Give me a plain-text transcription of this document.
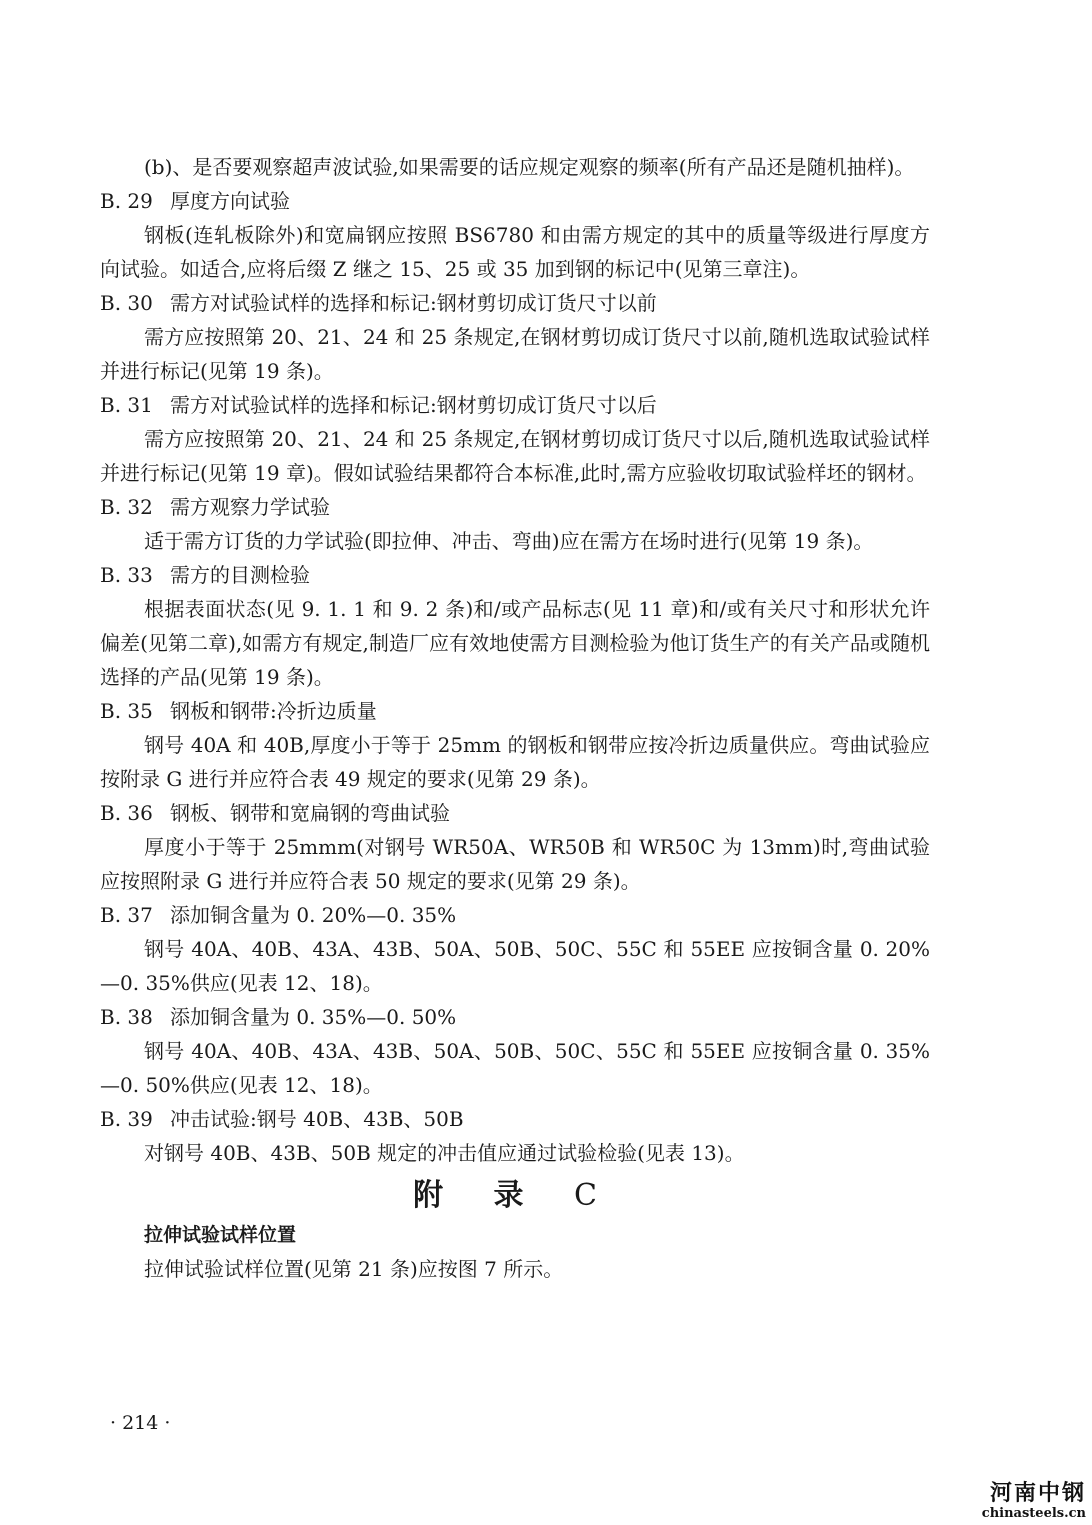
(b)、是否要观察超声波试验,如果需要的话应规定观察的频率(所有产品还是随机抽样)。

B. 29 厚度方向试验

钢板(连轧板除外)和宽扁钢应按照 BS6780 和由需方规定的其中的质量等级进行厚度方向试验。如适合,应将后缀 Z 继之 15、25 或 35 加到钢的标记中(见第三章注)。

B. 30 需方对试验试样的选择和标记:钢材剪切成订货尺寸以前

需方应按照第 20、21、24 和 25 条规定,在钢材剪切成订货尺寸以前,随机选取试验试样并进行标记(见第 19 条)。

B. 31 需方对试验试样的选择和标记:钢材剪切成订货尺寸以后

需方应按照第 20、21、24 和 25 条规定,在钢材剪切成订货尺寸以后,随机选取试验试样并进行标记(见第 19 章)。假如试验结果都符合本标准,此时,需方应验收切取试验样坯的钢材。

B. 32 需方观察力学试验

适于需方订货的力学试验(即拉伸、冲击、弯曲)应在需方在场时进行(见第 19 条)。

B. 33 需方的目测检验

根据表面状态(见 9. 1. 1 和 9. 2 条)和/或产品标志(见 11 章)和/或有关尺寸和形状允许偏差(见第二章),如需方有规定,制造厂应有效地使需方目测检验为他订货生产的有关产品或随机选择的产品(见第 19 条)。

B. 35 钢板和钢带:冷折边质量

钢号 40A 和 40B,厚度小于等于 25mm 的钢板和钢带应按冷折边质量供应。弯曲试验应按附录 G 进行并应符合表 49 规定的要求(见第 29 条)。

B. 36 钢板、钢带和宽扁钢的弯曲试验

厚度小于等于 25mmm(对钢号 WR50A、WR50B 和 WR50C 为 13mm)时,弯曲试验应按照附录 G 进行并应符合表 50 规定的要求(见第 29 条)。

B. 37 添加铜含量为 0. 20%—0. 35%

钢号 40A、40B、43A、43B、50A、50B、50C、55C 和 55EE 应按铜含量 0. 20%—0. 35%供应(见表 12、18)。

B. 38 添加铜含量为 0. 35%—0. 50%

钢号 40A、40B、43A、43B、50A、50B、50C、55C 和 55EE 应按铜含量 0. 35%—0. 50%供应(见表 12、18)。

B. 39 冲击试验:钢号 40B、43B、50B

对钢号 40B、43B、50B 规定的冲击值应通过试验检验(见表 13)。

附 录 C

拉伸试验试样位置

拉伸试验试样位置(见第 21 条)应按图 7 所示。

· 214 ·
河南中钢
chinasteels.cn
